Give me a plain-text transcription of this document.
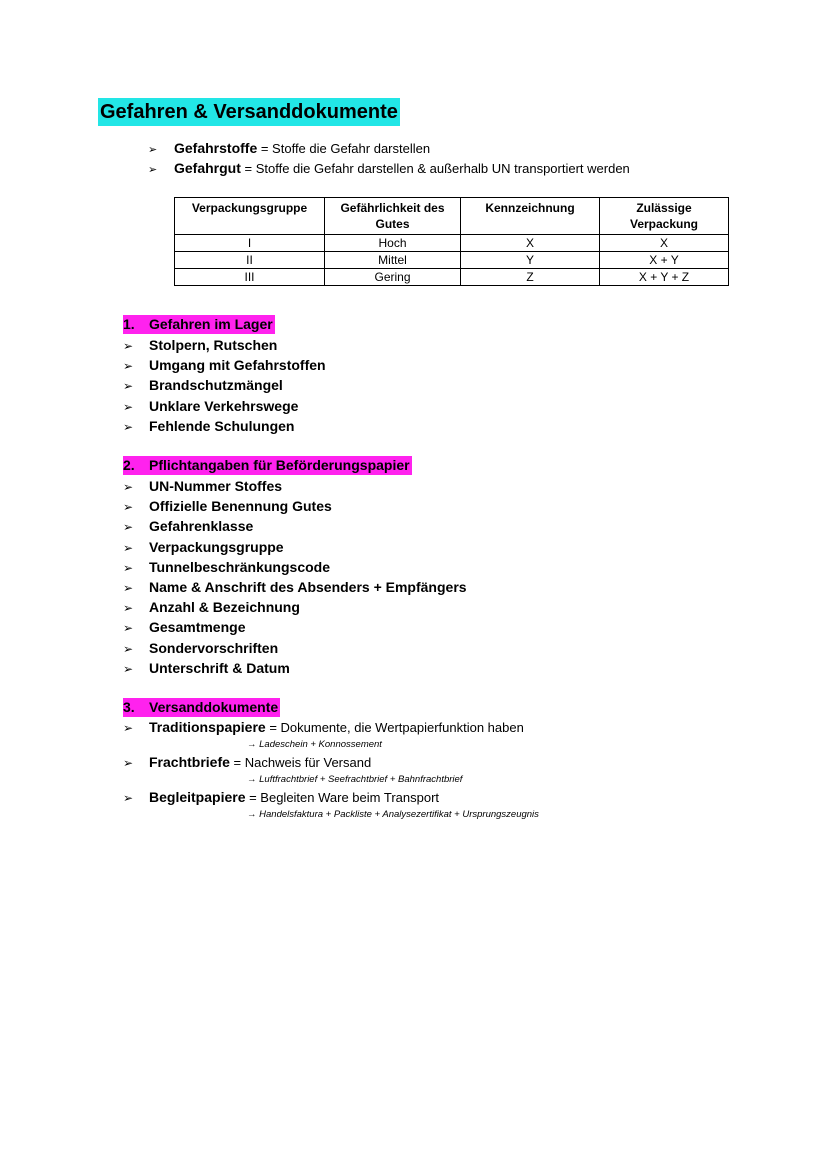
Gefahren & Versanddokumente
➢ Gefahrstoffe = Stoffe die Gefahr darstellen
➢ Gefahrgut = Stoffe die Gefahr darstellen & außerhalb UN transportiert werden
Verpackungsgruppe	Gefährlichkeit des Gutes	Kennzeichnung	Zulässige Verpackung
I	Hoch	X	X
II	Mittel	Y	X + Y
III	Gering	Z	X + Y + Z
1. Gefahren im Lager
➢ Stolpern, Rutschen
➢ Umgang mit Gefahrstoffen
➢ Brandschutzmängel
➢ Unklare Verkehrswege
➢ Fehlende Schulungen
2. Pflichtangaben für Beförderungspapier
➢ UN-Nummer Stoffes
➢ Offizielle Benennung Gutes
➢ Gefahrenklasse
➢ Verpackungsgruppe
➢ Tunnelbeschränkungscode
➢ Name & Anschrift des Absenders + Empfängers
➢ Anzahl & Bezeichnung
➢ Gesamtmenge
➢ Sondervorschriften
➢ Unterschrift & Datum
3. Versanddokumente
➢ Traditionspapiere = Dokumente, die Wertpapierfunktion haben
→ Ladeschein + Konnossement
➢ Frachtbriefe = Nachweis für Versand
→ Luftfrachtbrief + Seefrachtbrief + Bahnfrachtbrief
➢ Begleitpapiere = Begleiten Ware beim Transport
→ Handelsfaktura + Packliste + Analysezertifikat + Ursprungszeugnis
